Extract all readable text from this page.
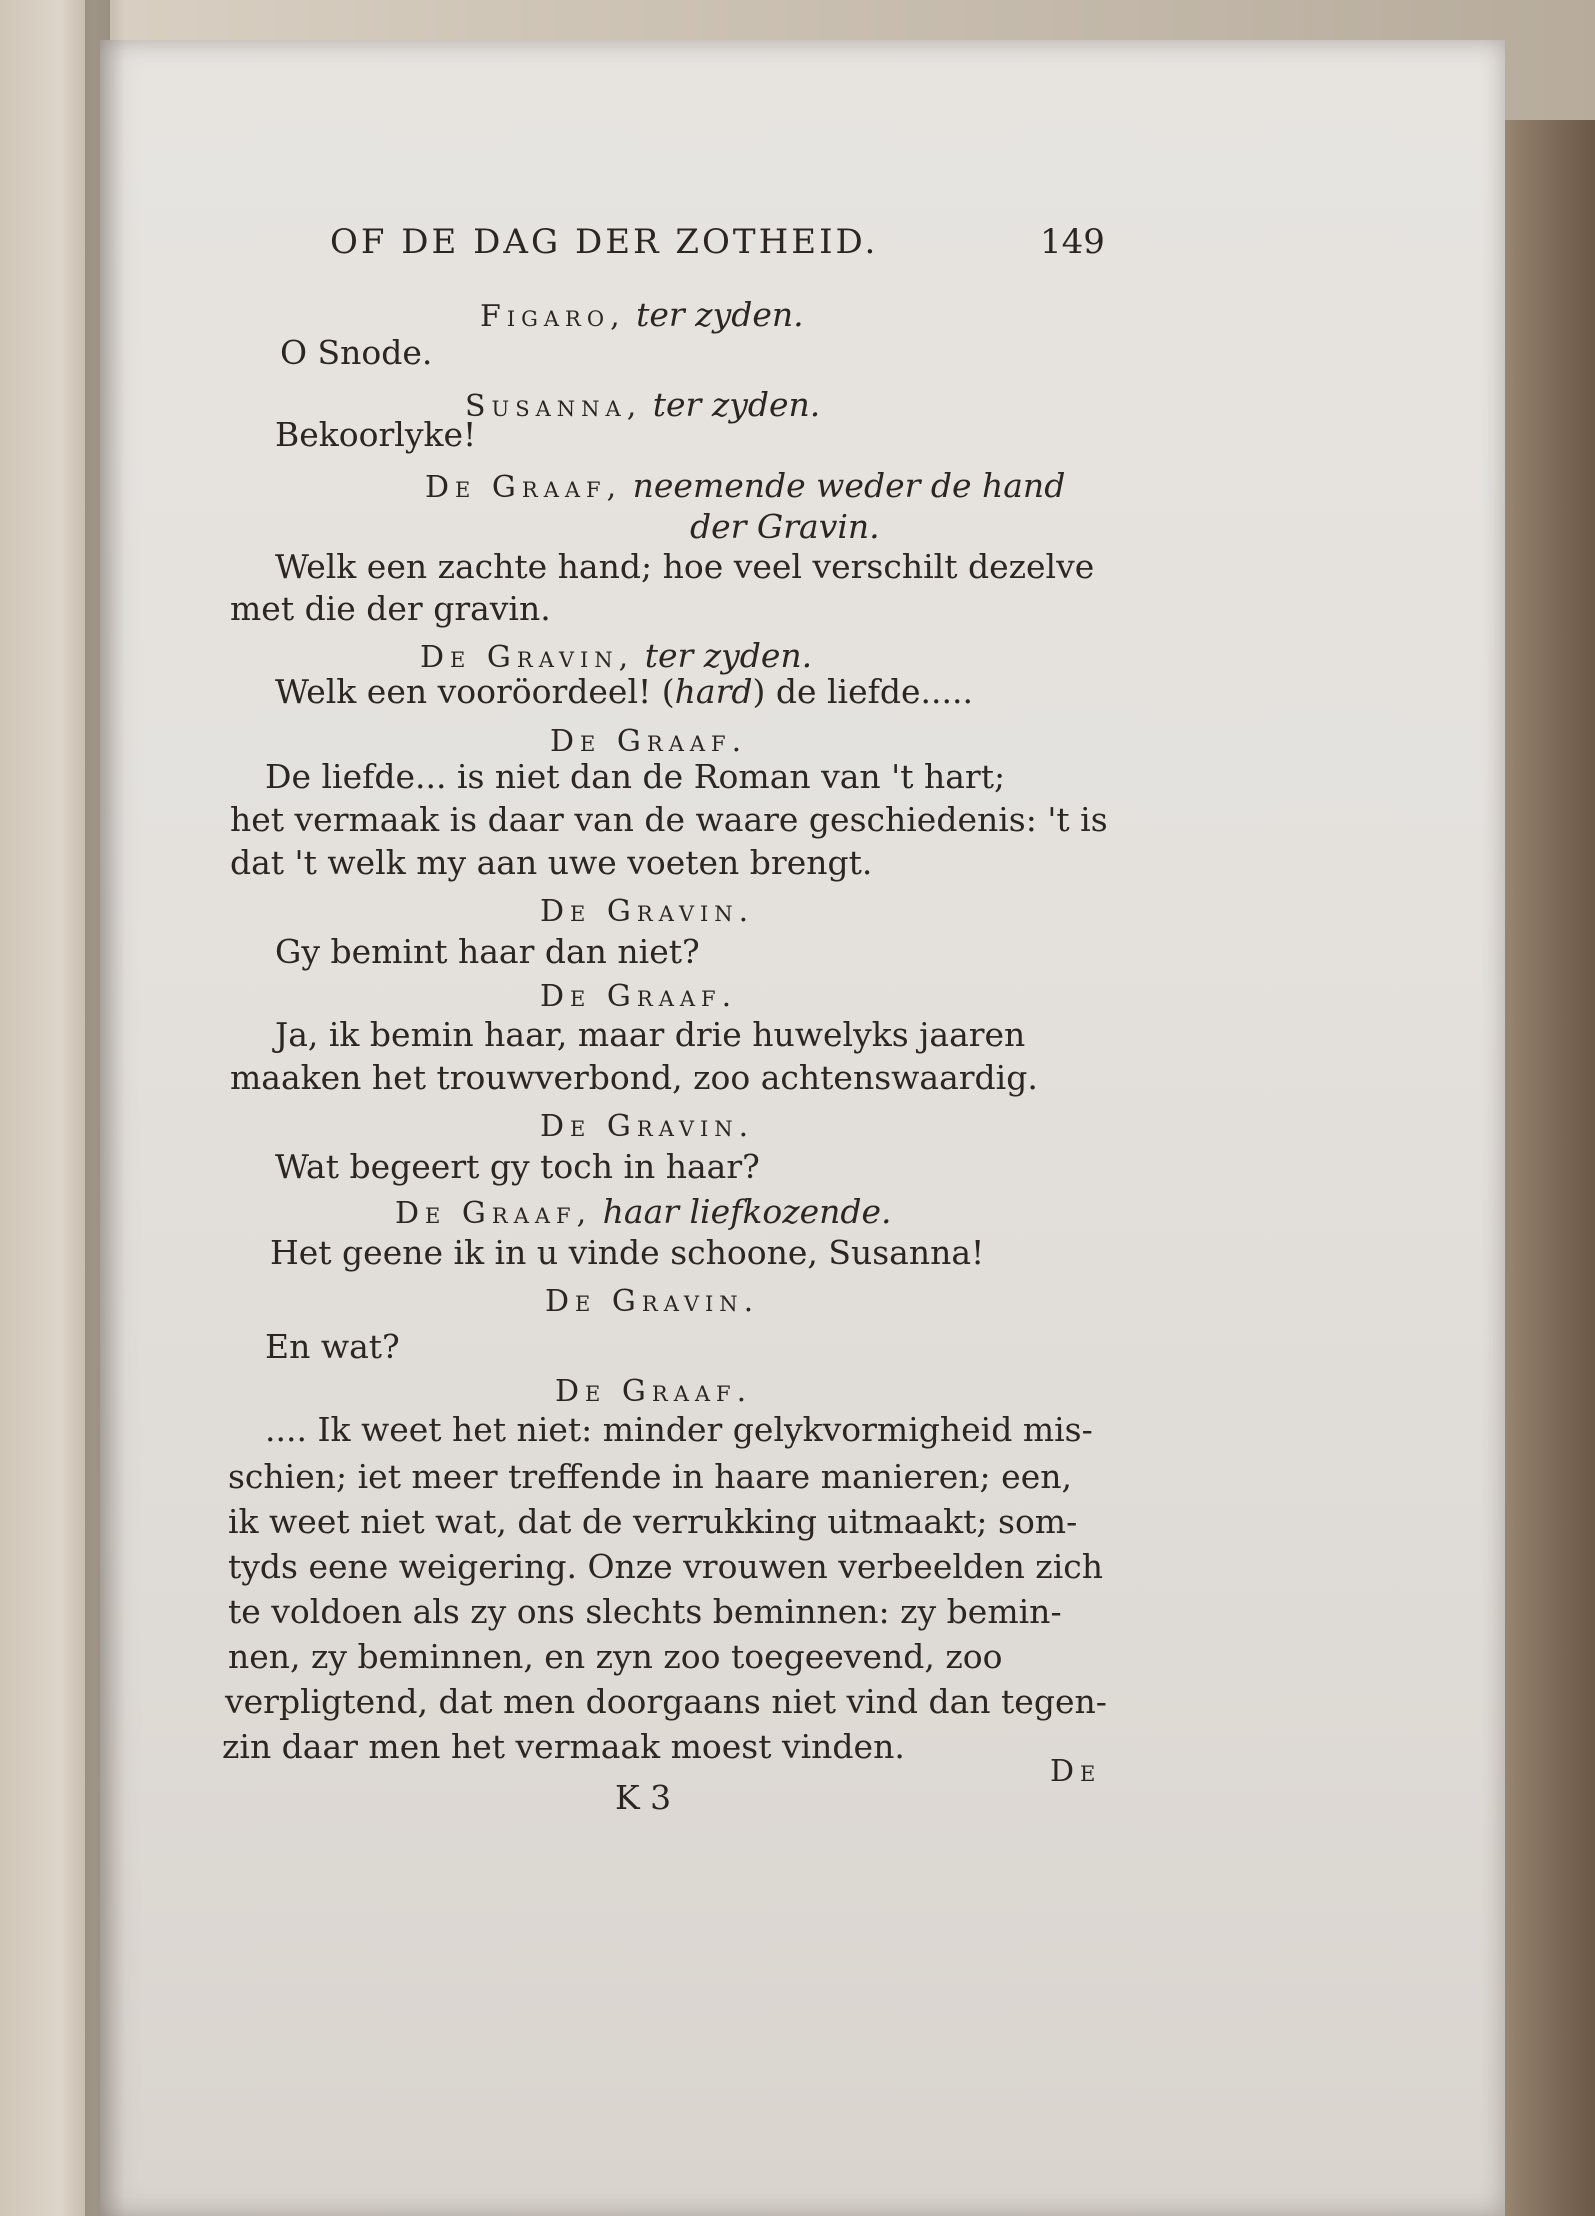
OF DE DAG DER ZOTHEID.	149
Figaro, ter zyden.
O Snode.
Susanna, ter zyden.
Bekoorlyke!
De Graaf, neemende weder de hand
der Gravin.
Welk een zachte hand; hoe veel verschilt dezelve
met die der gravin.
De Gravin, ter zyden.
Welk een vooröordeel! (hard) de liefde.....
De Graaf.
De liefde... is niet dan de Roman van 't hart;
het vermaak is daar van de waare geschiedenis: 't is
dat 't welk my aan uwe voeten brengt.
De Gravin.
Gy bemint haar dan niet?
De Graaf.
Ja, ik bemin haar, maar drie huwelyks jaaren
maaken het trouwverbond, zoo achtenswaardig.
De Gravin.
Wat begeert gy toch in haar?
De Graaf, haar liefkozende.
Het geene ik in u vinde schoone, Susanna!
De Gravin.
En wat?
De Graaf.
.... Ik weet het niet: minder gelykvormigheid mis-
schien; iet meer treffende in haare manieren; een,
ik weet niet wat, dat de verrukking uitmaakt; som-
tyds eene weigering. Onze vrouwen verbeelden zich
te voldoen als zy ons slechts beminnen: zy bemin-
nen, zy beminnen, en zyn zoo toegeevend, zoo
verpligtend, dat men doorgaans niet vind dan tegen-
zin daar men het vermaak moest vinden.
K 3
De
